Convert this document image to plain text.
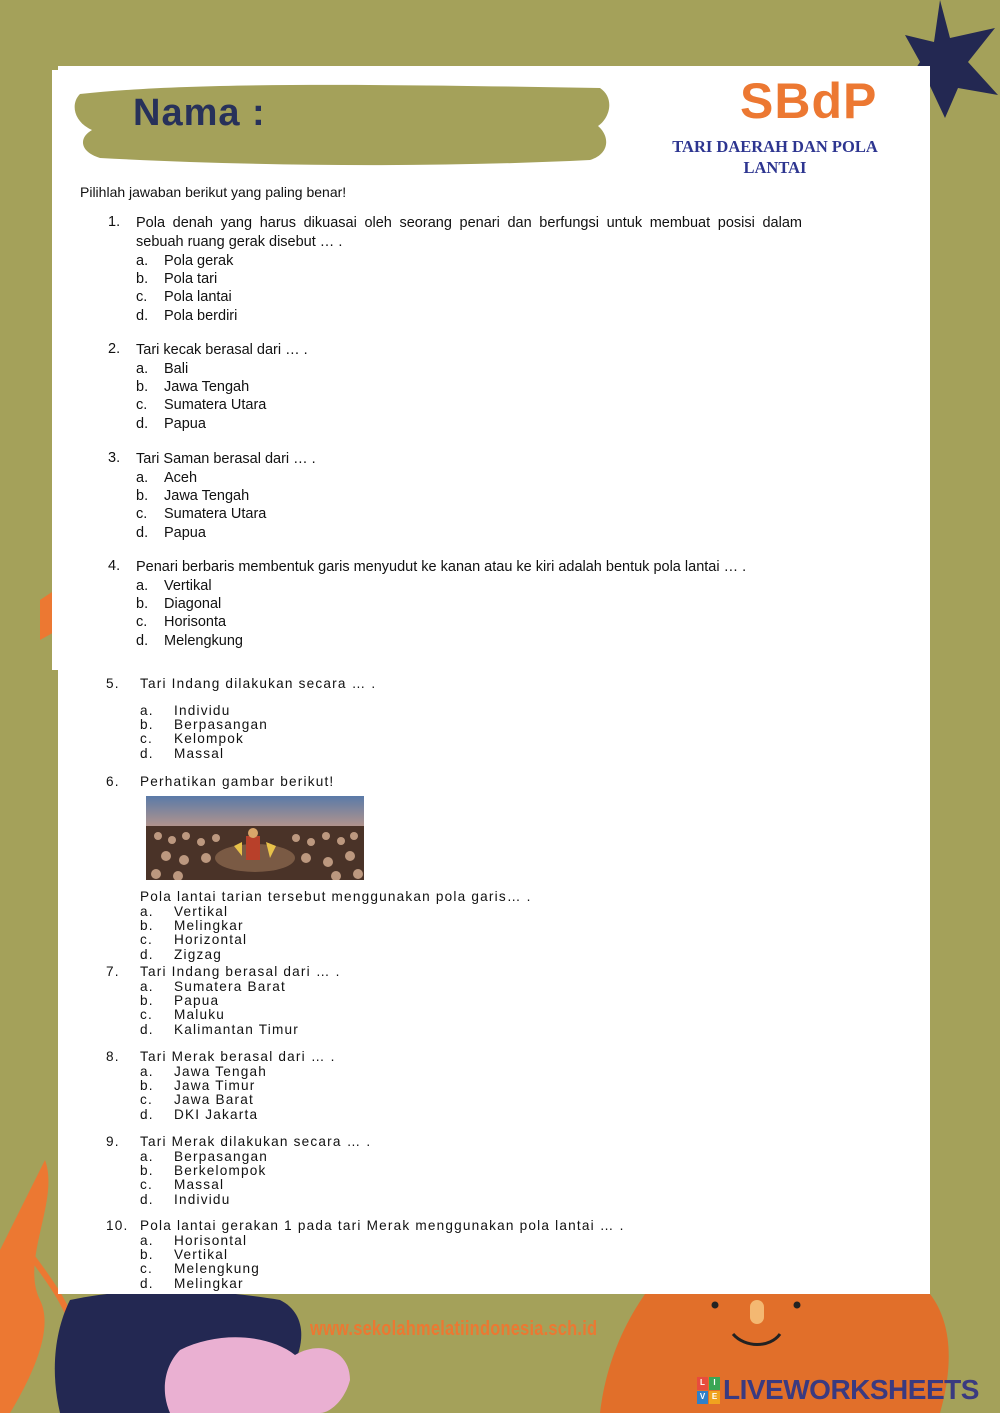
Nama :	SBdP
TARI DAERAH DAN POLA
LANTAI
Pilihlah jawaban berikut yang paling benar!
1.	Pola denah yang harus dikuasai oleh seorang penari dan berfungsi untuk membuat posisi dalam sebuah ruang gerak disebut … .
a.	Pola gerak
b.	Pola tari
c.	Pola lantai
d.	Pola berdiri
2.	Tari kecak berasal dari … .
a.	Bali
b.	Jawa Tengah
c.	Sumatera Utara
d.	Papua
3.	Tari Saman berasal dari … .
a.	Aceh
b.	Jawa Tengah
c.	Sumatera Utara
d.	Papua
4.	Penari berbaris membentuk garis menyudut ke kanan atau ke kiri adalah bentuk pola lantai … .
a.	Vertikal
b.	Diagonal
c.	Horisonta
d.	Melengkung
5.	Tari Indang dilakukan secara … .
a.	Individu
b.	Berpasangan
c.	Kelompok
d.	Massal
6.	Perhatikan gambar berikut!
Pola lantai tarian tersebut menggunakan pola garis… .
a.	Vertikal
b.	Melingkar
c.	Horizontal
d.	Zigzag
7.	Tari Indang berasal dari … .
a.	Sumatera Barat
b.	Papua
c.	Maluku
d.	Kalimantan Timur
8.	Tari Merak berasal dari … .
a.	Jawa Tengah
b.	Jawa Timur
c.	Jawa Barat
d.	DKI Jakarta
9.	Tari Merak dilakukan secara … .
a.	Berpasangan
b.	Berkelompok
c.	Massal
d.	Individu
10. Pola lantai gerakan 1 pada tari Merak menggunakan pola lantai … .
a.	Horisontal
b.	Vertikal
c.	Melengkung
d.	Melingkar
www.sekolahmelatiindonesia.sch.id
L	I
V E LIVEWORKSHEETS
